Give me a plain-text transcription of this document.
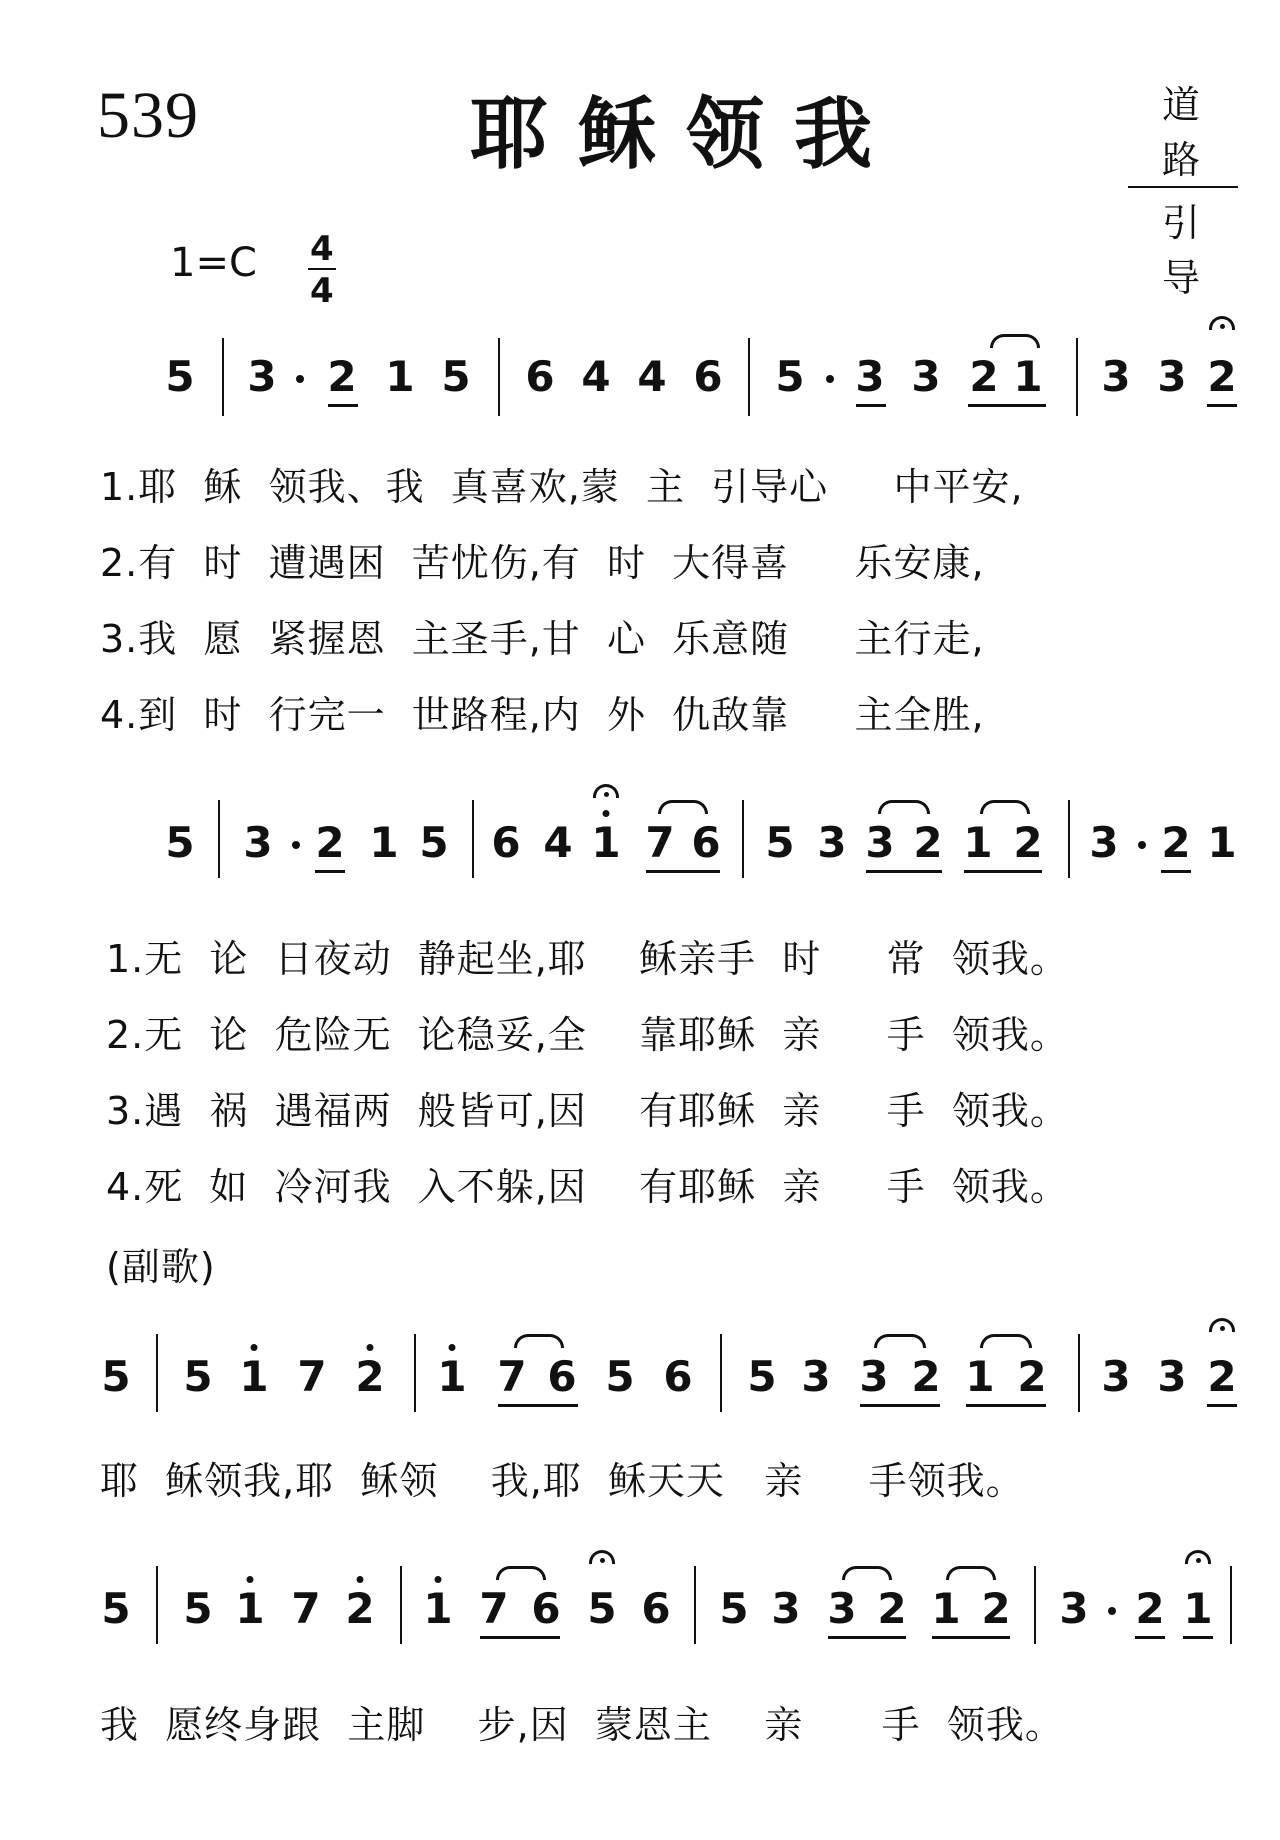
539	耶稣领我	道路
引导
$1=C \frac{4}{4}$
5 3 2 1 5 6 4 4 6 5 3 3 2 1 3 3 2
1.耶  稣  领我、我  真喜欢,蒙  主  引导心     中平安,
2.有  时  遭遇困  苦忧伤,有  时  大得喜     乐安康,
3.我  愿  紧握恩  主圣手,甘  心  乐意随     主行走,
4.到  时  行完一  世路程,内  外  仇敌靠     主全胜,
5 3 2 1 5 6 4 1 7 6 5 3 3 2 1 2 3 2 1
1.无  论  日夜动  静起坐,耶    稣亲手  时     常  领我。
2.无  论  危险无  论稳妥,全    靠耶稣  亲     手  领我。
3.遇  祸  遇福两  般皆可,因    有耶稣  亲     手  领我。
4.死  如  冷河我  入不躲,因    有耶稣  亲     手  领我。
(副歌)
5 5 1 7 2 1 7 6 5 6 5 3 3 2 1 2 3 3 2
耶  稣领我,耶  稣领    我,耶  稣天天   亲     手领我。
5 5 1 7 2 1 7 6 5 6 5 3 3 2 1 2 3 2 1
我  愿终身跟  主脚    步,因  蒙恩主    亲      手  领我。
